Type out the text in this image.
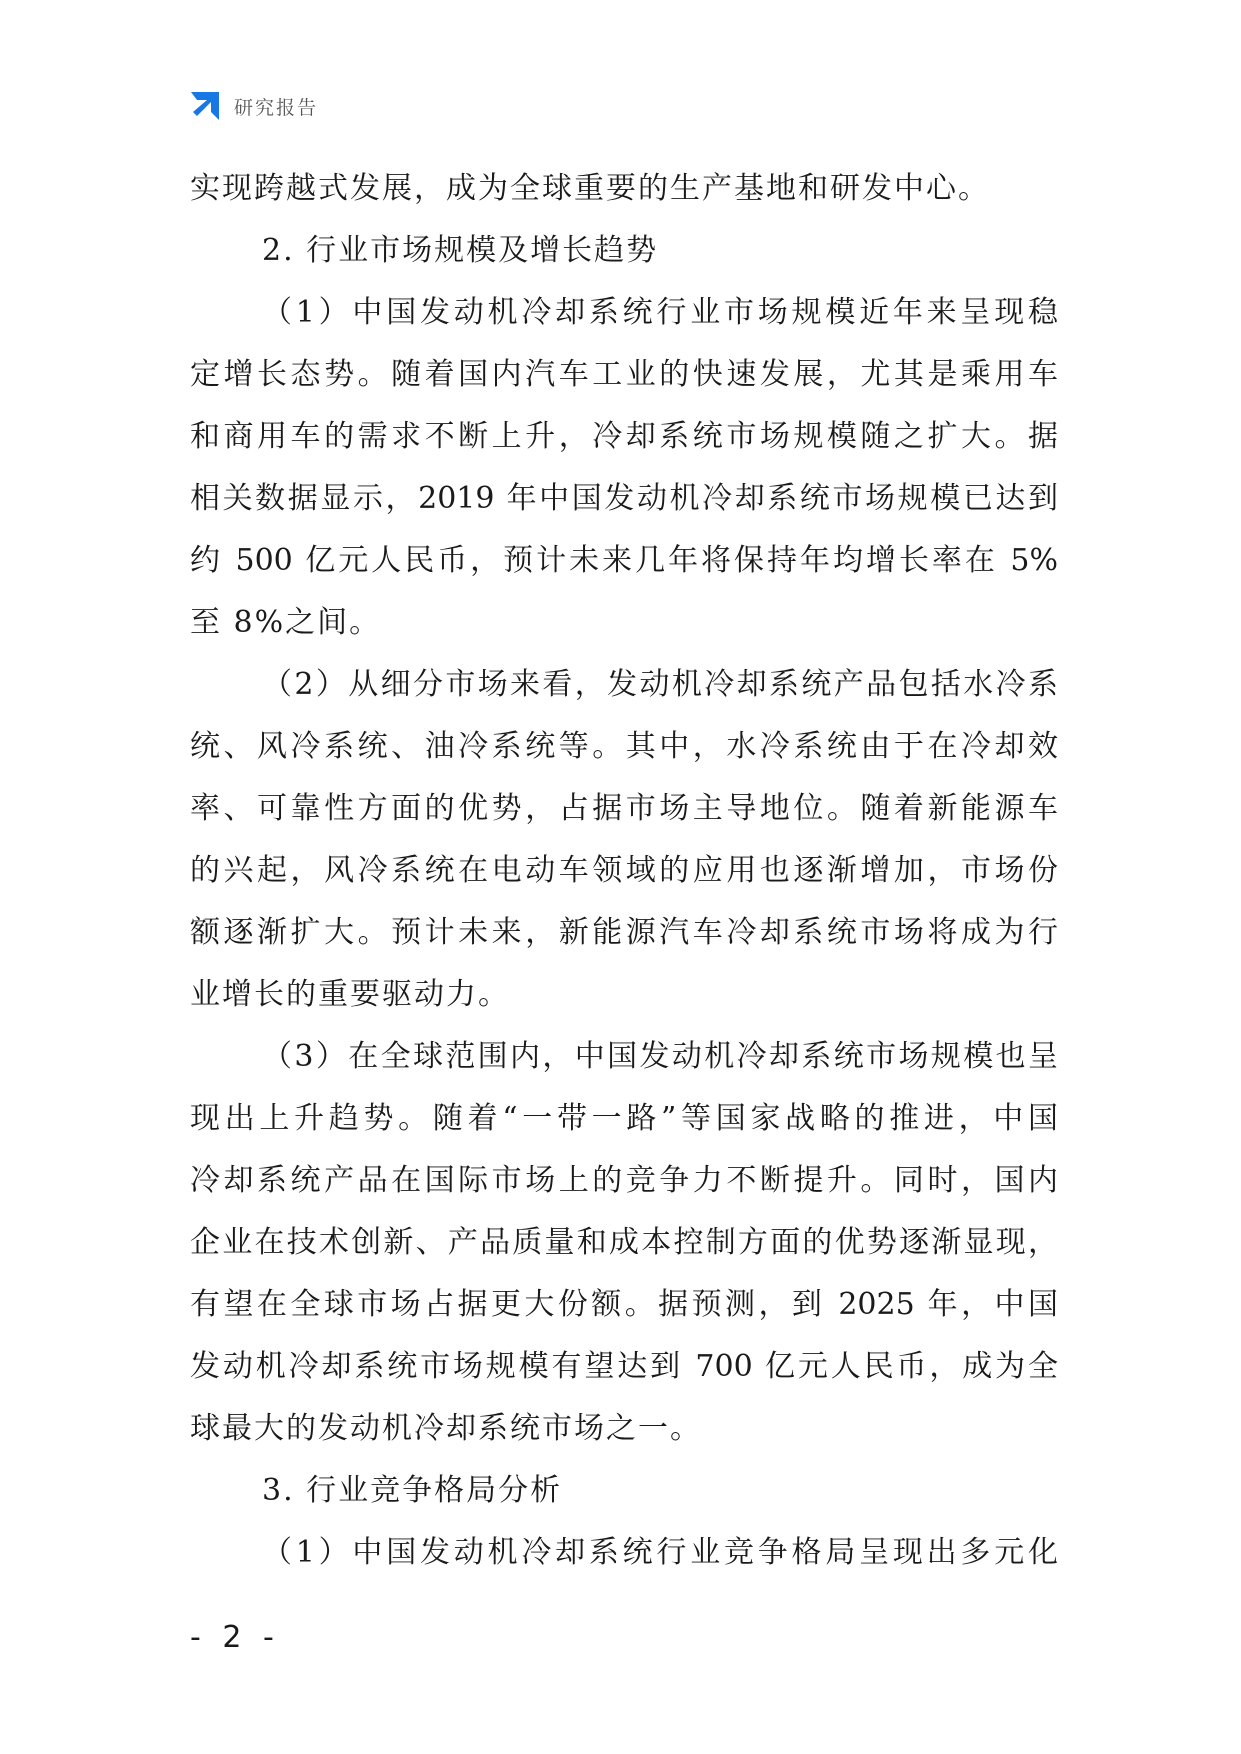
研究报告
实现跨越式发展，成为全球重要的生产基地和研发中心。
2. 行业市场规模及增长趋势
（1）中国发动机冷却系统行业市场规模近年来呈现稳
定增长态势。随着国内汽车工业的快速发展，尤其是乘用车
和商用车的需求不断上升，冷却系统市场规模随之扩大。据
相关数据显示，2019 年中国发动机冷却系统市场规模已达到
约 500 亿元人民币，预计未来几年将保持年均增长率在 5%
至 8%之间。
（2）从细分市场来看，发动机冷却系统产品包括水冷系
统、风冷系统、油冷系统等。其中，水冷系统由于在冷却效
率、可靠性方面的优势，占据市场主导地位。随着新能源车
的兴起，风冷系统在电动车领域的应用也逐渐增加，市场份
额逐渐扩大。预计未来，新能源汽车冷却系统市场将成为行
业增长的重要驱动力。
（3）在全球范围内，中国发动机冷却系统市场规模也呈
现出上升趋势。随着“一带一路”等国家战略的推进，中国
冷却系统产品在国际市场上的竞争力不断提升。同时，国内
企业在技术创新、产品质量和成本控制方面的优势逐渐显现，
有望在全球市场占据更大份额。据预测，到 2025 年，中国
发动机冷却系统市场规模有望达到 700 亿元人民币，成为全
球最大的发动机冷却系统市场之一。
3. 行业竞争格局分析
（1）中国发动机冷却系统行业竞争格局呈现出多元化
- 2 -
